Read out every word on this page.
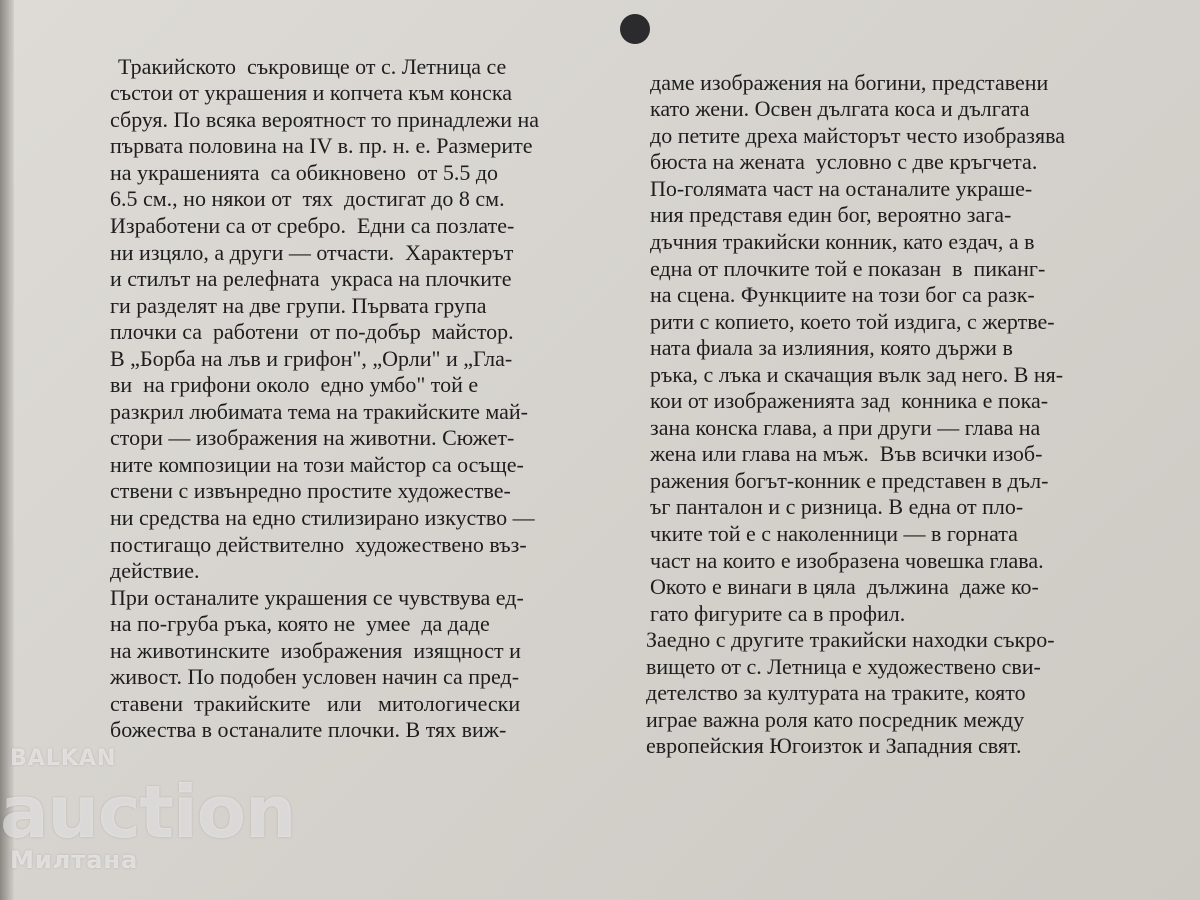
Тракийското  съкровище от с. Летница се
състои от украшения и копчета към конска
сбруя. По всяка вероятност то принадлежи на
първата половина на IV в. пр. н. е. Размерите
на украшенията  са обикновено  от 5.5 до
6.5 см., но някои от  тях  достигат до 8 см.
Изработени са от сребро.  Едни са позлате-
ни изцяло, а други — отчасти.  Характерът
и стилът на релефната  украса на плочките
ги разделят на две групи. Първата група
плочки са  работени  от по-добър  майстор.
В „Борба на лъв и грифон", „Орли" и „Гла-
ви  на грифони около  едно умбо" той е
разкрил любимата тема на тракийските май-
стори — изображения на животни. Сюжет-
ните композиции на този майстор са осъще-
ствени с извънредно простите художестве-
ни средства на едно стилизирано изкуство —
постигащо действително  художествено въз-
действие.
При останалите украшения се чувствува ед-
на по-груба ръка, която не  умее  да даде
на животинските  изображения  изящност и
живост. По подобен условен начин са пред-
ставени  тракийските   или   митологически
божества в останалите плочки. В тях виж-
даме изображения на богини, представени
като жени. Освен дългата коса и дългата
до петите дреха майсторът често изобразява
бюста на жената  условно с две кръгчета.
По-голямата част на останалите украше-
ния представя един бог, вероятно зага-
дъчния тракийски конник, като ездач, а в
една от плочките той е показан  в  пиканг-
на сцена. Функциите на този бог са разк-
рити с копието, което той издига, с жертве-
ната фиала за излияния, която държи в
ръка, с лъка и скачащия вълк зад него. В ня-
кои от изображенията зад  конника е пока-
зана конска глава, а при други — глава на
жена или глава на мъж.  Във всички изоб-
ражения богът-конник е представен в дъл-
ъг панталон и с ризница. В една от пло-
чките той е с наколенници — в горната
част на които е изобразена човешка глава.
Окото е винаги в цяла  дължина  даже ко-
гато фигурите са в профил.
Заедно с другите тракийски находки съкро-
вището от с. Летница е художествено сви-
детелство за културата на траките, която
играе важна роля като посредник между
европейския Югоизток и Западния свят.
BALKAN
auction
Милтана
